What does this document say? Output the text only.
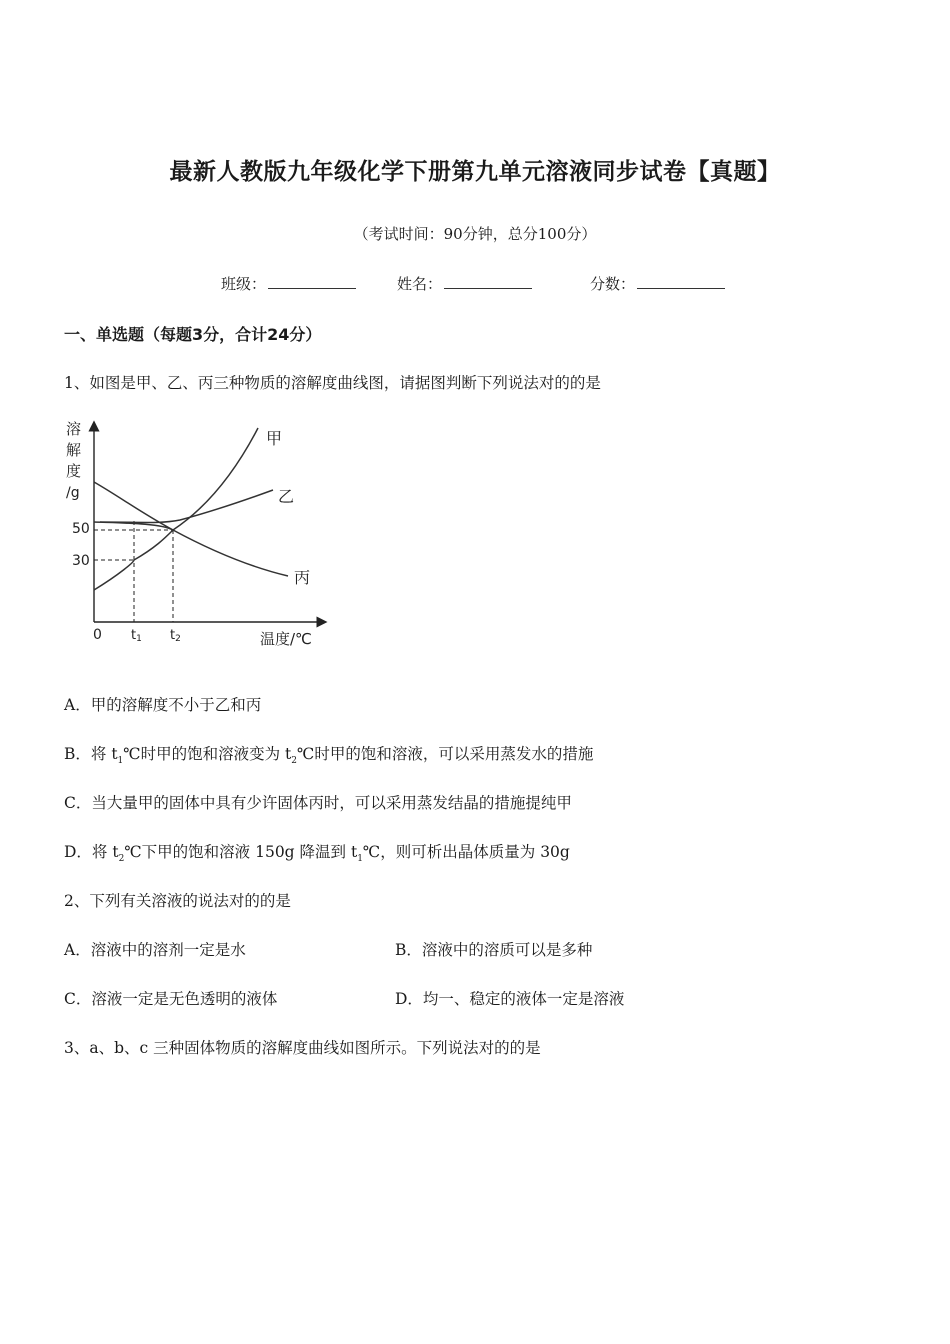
最新人教版九年级化学下册第九单元溶液同步试卷【真题】
（考试时间：90分钟，总分100分）
班级：	姓名：	分数：
一、单选题（每题3分，合计24分）
1、如图是甲、乙、丙三种物质的溶解度曲线图，请据图判断下列说法对的的是
溶
解
度
/g
50
30
甲
乙
丙
0 t1 t2	温度/℃
A．甲的溶解度不小于乙和丙
B．将 $t_1℃$时甲的饱和溶液变为 $t_2℃$时甲的饱和溶液，可以采用蒸发水的措施
C．当大量甲的固体中具有少许固体丙时，可以采用蒸发结晶的措施提纯甲
D．将 $t_2℃$下甲的饱和溶液 150g 降温到 $t_1℃$，则可析出晶体质量为 30g
2、下列有关溶液的说法对的的是
A．溶液中的溶剂一定是水	B．溶液中的溶质可以是多种
C．溶液一定是无色透明的液体	D．均一、稳定的液体一定是溶液
3、a、b、c 三种固体物质的溶解度曲线如图所示。下列说法对的的是
